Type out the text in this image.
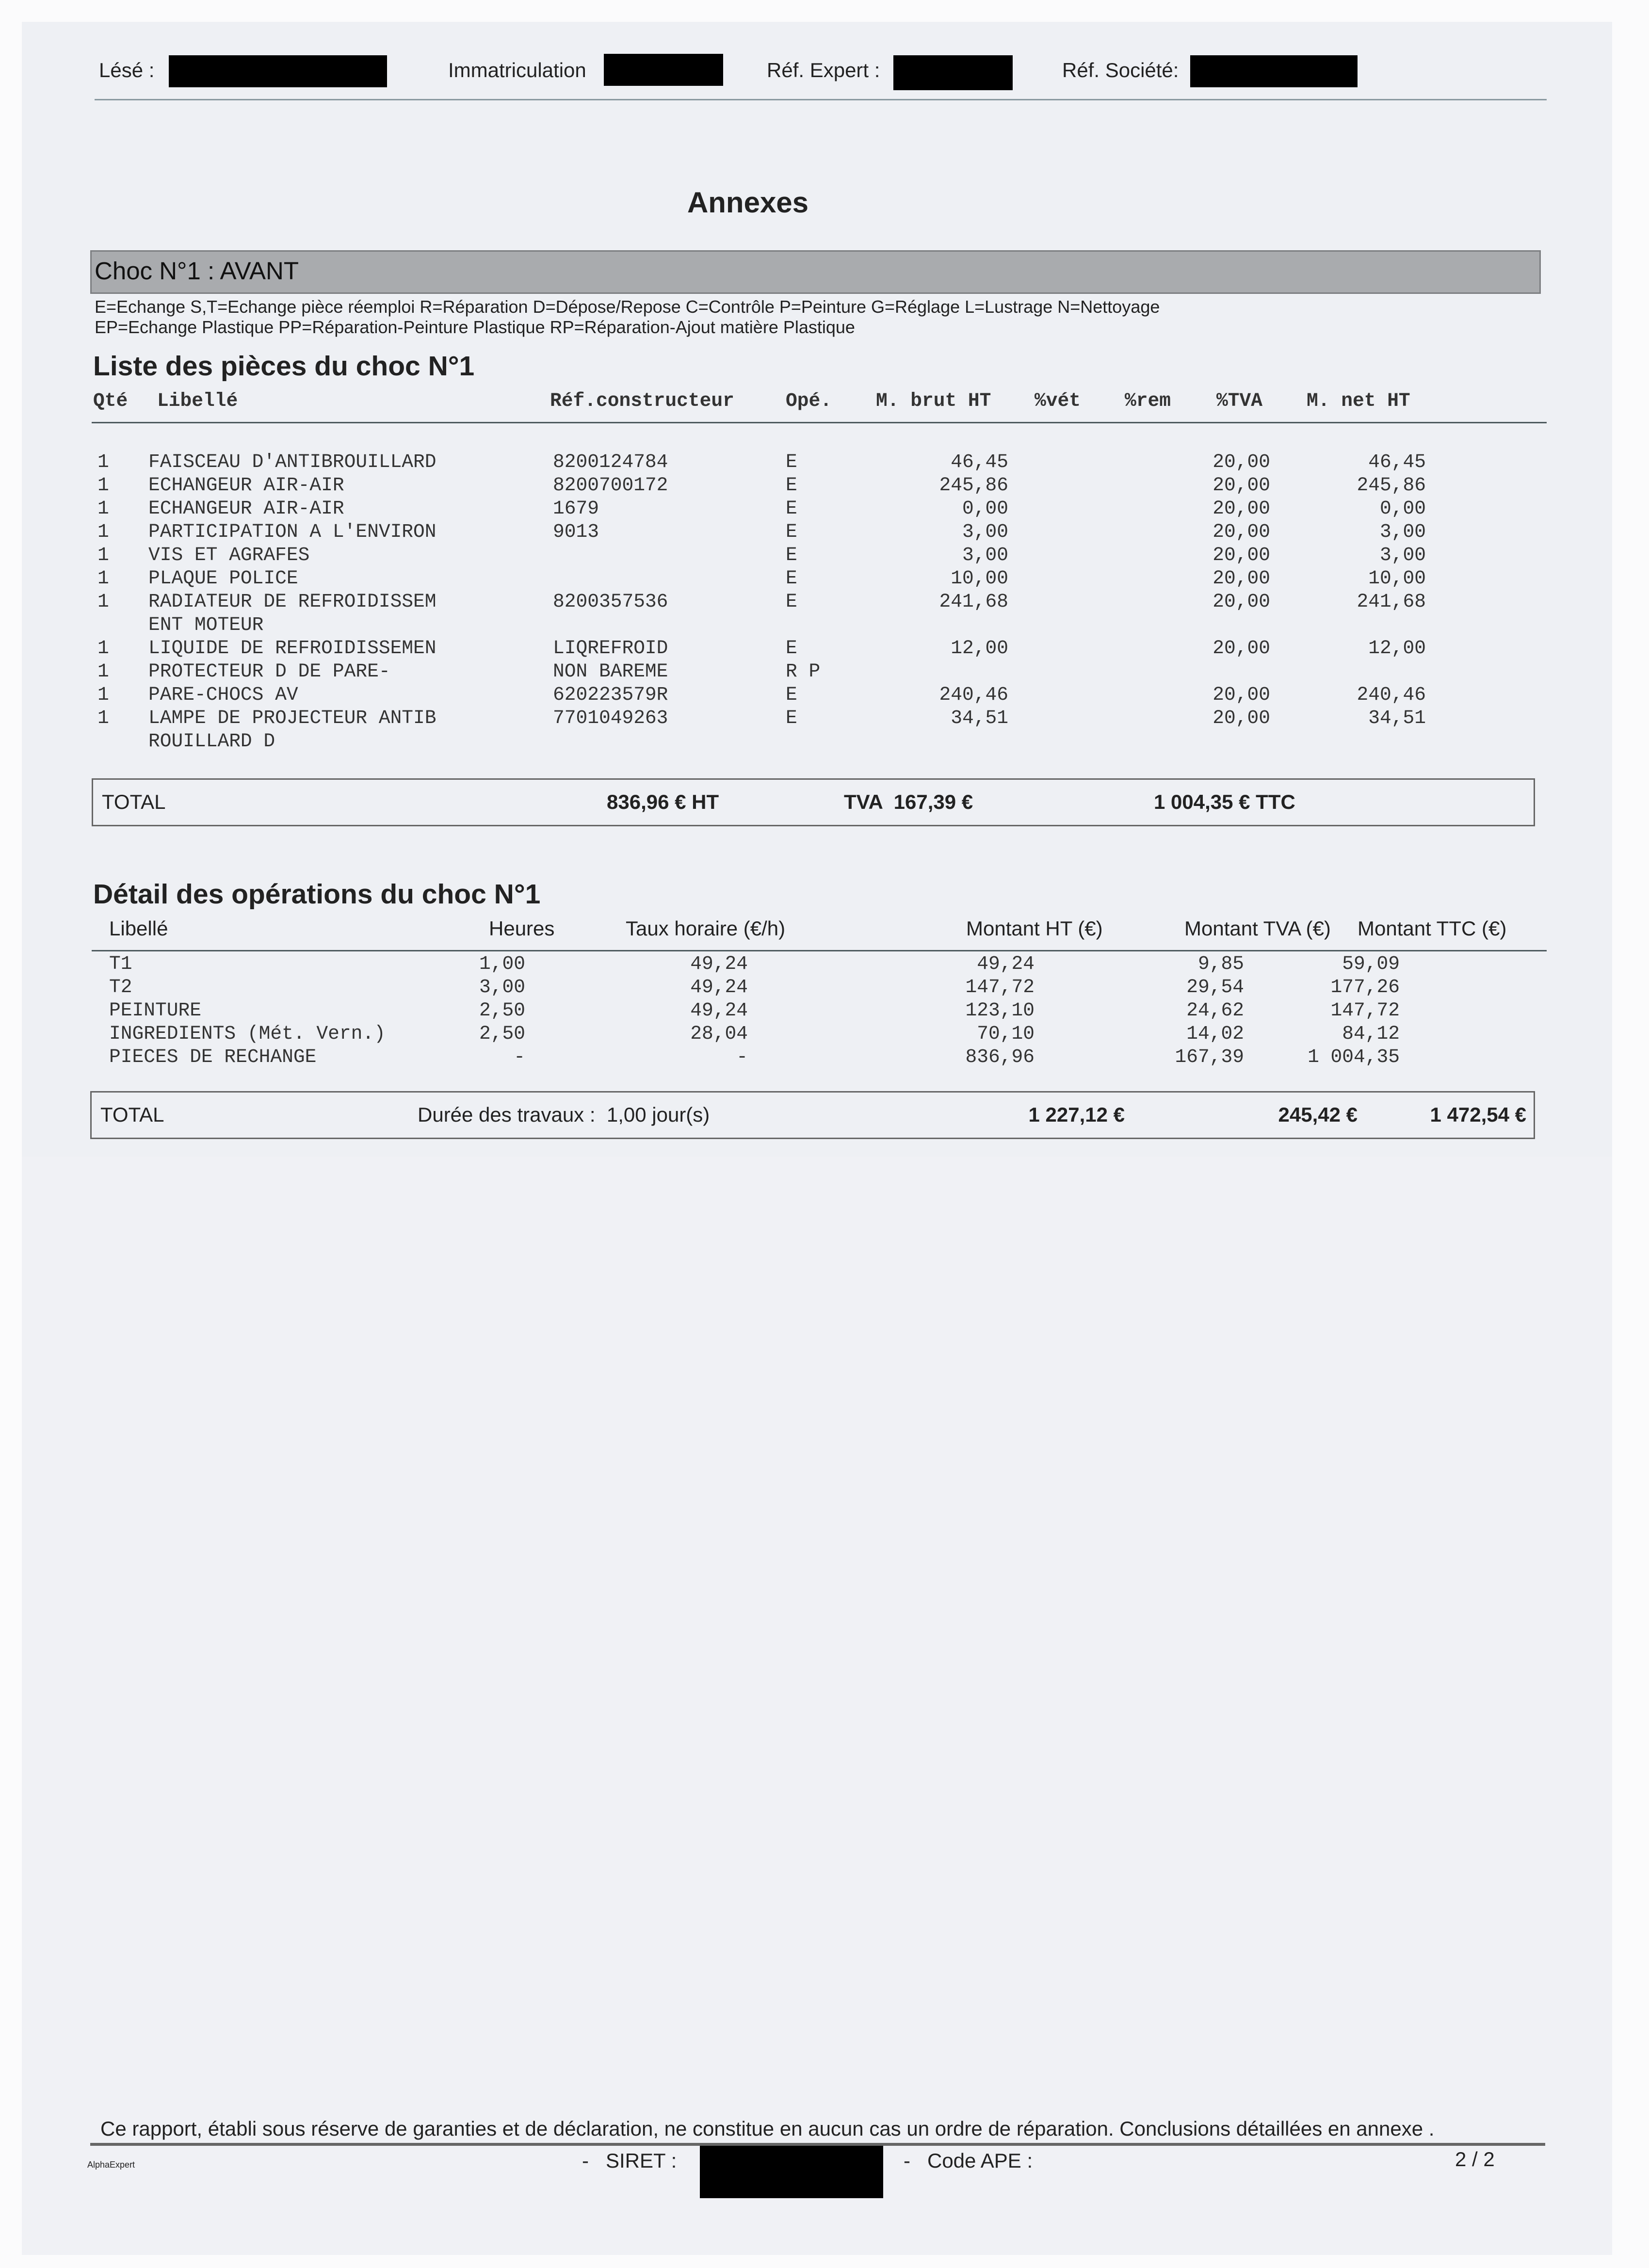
Lésé :	Immatriculation	Réf. Expert :	Réf. Société:
Annexes

Choc N°1 : AVANT

E=Echange S,T=Echange pièce réemploi R=Réparation D=Dépose/Repose C=Contrôle P=Peinture G=Réglage L=Lustrage N=Nettoyage
EP=Echange Plastique PP=Réparation-Peinture Plastique RP=Réparation-Ajout matière Plastique
Liste des pièces du choc N°1
Qté	Libellé	Réf.constructeur	Opé.	M. brut HT	%vét	%rem	%TVA	M. net HT
1	FAISCEAU D'ANTIBROUILLARD	8200124784	E	46,45	20,00	46,45
1	ECHANGEUR AIR-AIR	8200700172	E	245,86	20,00	245,86
1	ECHANGEUR AIR-AIR	1679	E	0,00	20,00	0,00
1	PARTICIPATION A L'ENVIRON	9013	E	3,00	20,00	3,00
1	VIS ET AGRAFES	E	3,00	20,00	3,00
1	PLAQUE POLICE	E	10,00	20,00	10,00
1	RADIATEUR DE REFROIDISSEM	8200357536	E	241,68	20,00	241,68
ENT MOTEUR
1	LIQUIDE DE REFROIDISSEMEN	LIQREFROID	E	12,00	20,00	12,00
1	PROTECTEUR D DE PARE-	NON BAREME	R P
1	PARE-CHOCS AV	620223579R	E	240,46	20,00	240,46
1	LAMPE DE PROJECTEUR ANTIB	7701049263	E	34,51	20,00	34,51
ROUILLARD D
TOTAL	836,96 € HT	TVA  167,39 €	1 004,35 € TTC
Détail des opérations du choc N°1
Libellé	Heures	Taux horaire (€/h)	Montant HT (€)	Montant TVA (€)	Montant TTC (€)
T1	1,00	49,24	49,24	9,85	59,09
T2	3,00	49,24	147,72	29,54	177,26
PEINTURE	2,50	49,24	123,10	24,62	147,72
INGREDIENTS (Mét. Vern.)	2,50	28,04	70,10	14,02	84,12
PIECES DE RECHANGE	-	-	836,96	167,39	1 004,35
TOTAL	Durée des travaux :  1,00 jour(s)	1 227,12 €	245,42 €	1 472,54 €
Ce rapport, établi sous réserve de garanties et de déclaration, ne constitue en aucun cas un ordre de réparation. Conclusions détaillées en annexe .
-   SIRET :	-   Code APE :
AlphaExpert	2 / 2
